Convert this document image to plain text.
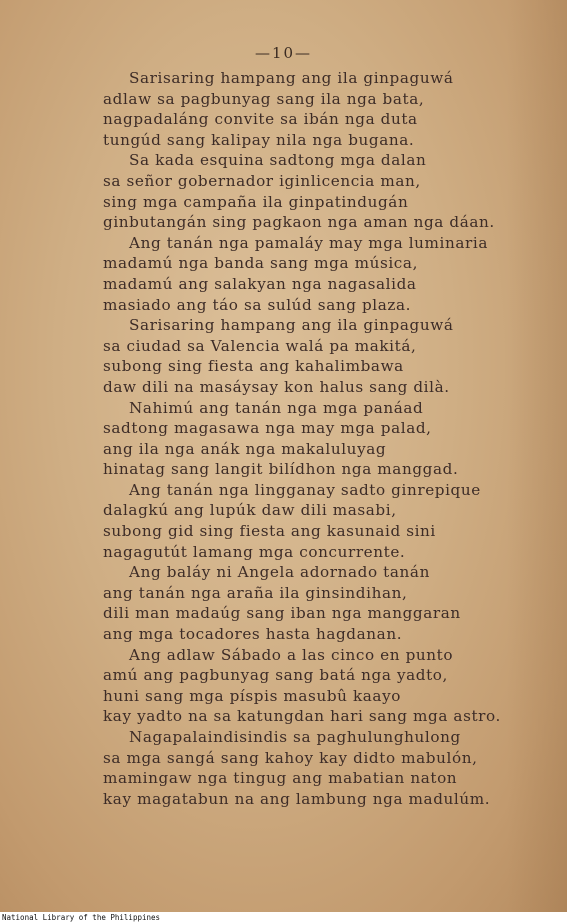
—10—

Sarisaring hampang ang ila ginpaguwá
adlaw sa pagbunyag sang ila nga bata,
nagpadaláng convite sa ibán nga duta
tungúd sang kalipay nila nga bugana.
Sa kada esquina sadtong mga dalan
sa señor gobernador iginlicencia man,
sing mga campaña ila ginpatindugán
ginbutangán sing pagkaon nga aman nga dáan.
Ang tanán nga pamaláy may mga luminaria
madamú nga banda sang mga música,
madamú ang salakyan nga nagasalida
masiado ang táo sa sulúd sang plaza.
Sarisaring hampang ang ila ginpaguwá
sa ciudad sa Valencia walá pa makitá,
subong sing fiesta ang kahalimbawa
daw dili na masáysay kon halus sang dilà.
Nahimú ang tanán nga mga panáad
sadtong magasawa nga may mga palad,
ang ila nga anák nga makaluluyag
hinatag sang langit bilídhon nga manggad.
Ang tanán nga lingganay sadto ginrepique
dalagkú ang lupúk daw dili masabi,
subong gid sing fiesta ang kasunaid sini
nagagutút lamang mga concurrente.
Ang baláy ni Angela adornado tanán
ang tanán nga araña ila ginsindihan,
dili man madaúg sang iban nga manggaran
ang mga tocadores hasta hagdanan.
Ang adlaw Sábado a las cinco en punto
amú ang pagbunyag sang batá nga yadto,
huni sang mga píspis masubû kaayo
kay yadto na sa katungdan hari sang mga astro.
Nagapalaindisindis sa paghulunghulong
sa mga sangá sang kahoy kay didto mabulón,
mamingaw nga tingug ang mabatian naton
kay magatabun na ang lambung nga madulúm.
National Library of the Philippines
